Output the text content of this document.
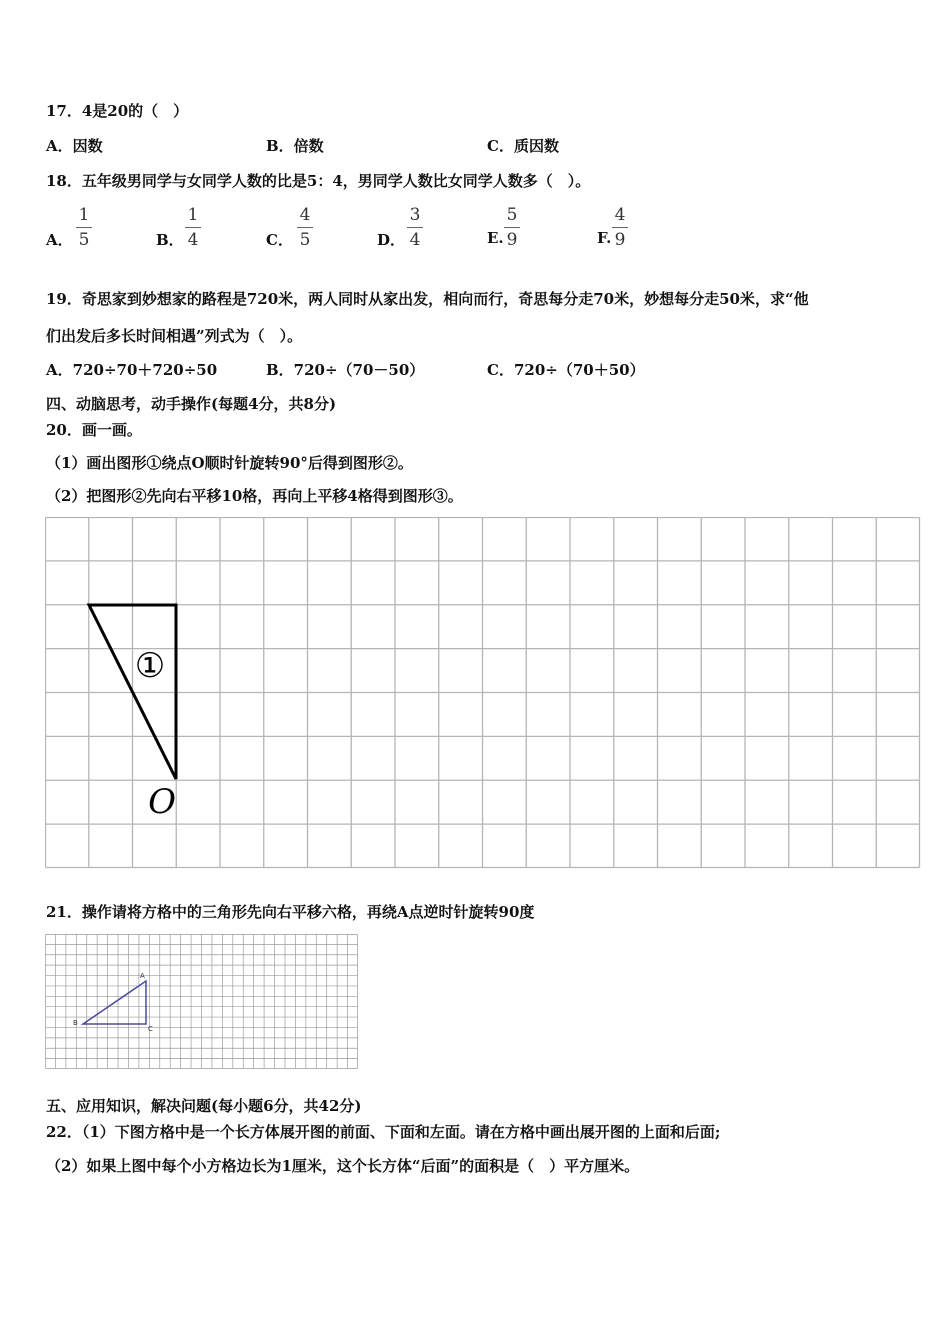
17．4是20的（　）
A．因数	B．倍数	C．质因数
18．五年级男同学与女同学人数的比是5：4，男同学人数比女同学人数多（　）。
A．
1
5	B．
1
4	C．
4
5	D．
3
4	E.
5
9	F.
4
9
19．奇思家到妙想家的路程是720米，两人同时从家出发，相向而行，奇思每分走70米，妙想每分走50米，求“他
们出发后多长时间相遇”列式为（　）。
A．720÷70＋720÷50	B．720÷（70－50）	C．720÷（70＋50）
四、动脑思考，动手操作(每题4分，共8分)
20．画一画。
（1）画出图形①绕点O顺时针旋转90°后得到图形②。
（2）把图形②先向右平移10格，再向上平移4格得到图形③。
①
O
21．操作请将方格中的三角形先向右平移六格，再绕A点逆时针旋转90度
A
B
C
五、应用知识，解决问题(每小题6分，共42分)
22．（1）下图方格中是一个长方体展开图的前面、下面和左面。请在方格中画出展开图的上面和后面;
（2）如果上图中每个小方格边长为1厘米，这个长方体“后面”的面积是（　）平方厘米。
